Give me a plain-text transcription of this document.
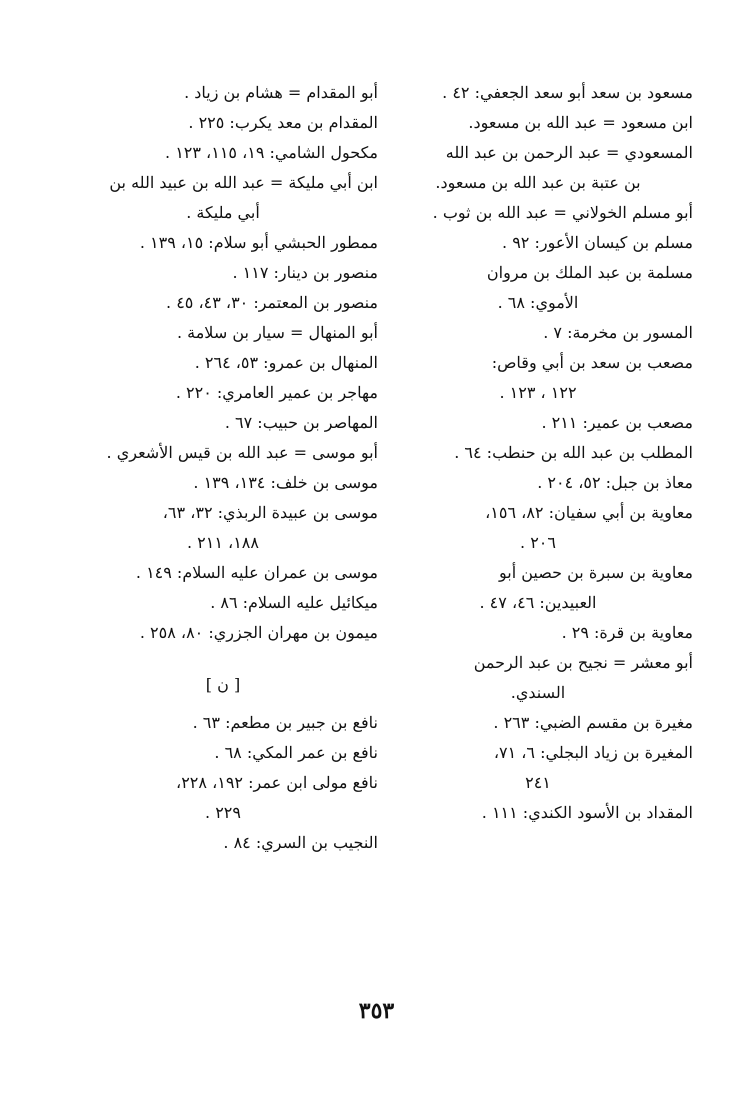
مسعود بن سعد أبو سعد الجعفي: ٤٢ .
ابن مسعود = عبد الله بن مسعود.
المسعودي = عبد الرحمن بن عبد الله
بن عتبة بن عبد الله بن مسعود.
أبو مسلم الخولاني = عبد الله بن ثوب .
مسلم بن كيسان الأعور: ٩٢ .
مسلمة بن عبد الملك بن مروان
الأموي: ٦٨ .
المسور بن مخرمة: ٧ .
مصعب بن سعد بن أبي وقاص:
١٢٢ ، ١٢٣ .
مصعب بن عمير: ٢١١ .
المطلب بن عبد الله بن حنطب: ٦٤ .
معاذ بن جبل: ٥٢، ٢٠٤ .
معاوية بن أبي سفيان: ٨٢، ١٥٦،
٢٠٦ .
معاوية بن سبرة بن حصين أبو
العبيدين: ٤٦، ٤٧ .
معاوية بن قرة: ٢٩ .
أبو معشر = نجيح بن عبد الرحمن
السندي.
مغيرة بن مقسم الضبي: ٢٦٣ .
المغيرة بن زياد البجلي: ٦، ٧١،
٢٤١
المقداد بن الأسود الكندي: ١١١ .
أبو المقدام = هشام بن زياد .
المقدام بن معد يكرب: ٢٢٥ .
مكحول الشامي: ١٩، ١١٥، ١٢٣ .
ابن أبي مليكة = عبد الله بن عبيد الله بن
أبي مليكة .
ممطور الحبشي أبو سلام: ١٥، ١٣٩ .
منصور بن دينار: ١١٧ .
منصور بن المعتمر: ٣٠، ٤٣، ٤٥ .
أبو المنهال = سيار بن سلامة .
المنهال بن عمرو: ٥٣، ٢٦٤ .
مهاجر بن عمير العامري: ٢٢٠ .
المهاصر بن حبيب: ٦٧ .
أبو موسى = عبد الله بن قيس الأشعري .
موسى بن خلف: ١٣٤، ١٣٩ .
موسى بن عبيدة الربذي: ٣٢، ٦٣،
١٨٨، ٢١١ .
موسى بن عمران عليه السلام: ١٤٩ .
ميكائيل عليه السلام: ٨٦ .
ميمون بن مهران الجزري: ٨٠، ٢٥٨ .
[ ن ]
نافع بن جبير بن مطعم: ٦٣ .
نافع بن عمر المكي: ٦٨ .
نافع مولى ابن عمر: ١٩٢، ٢٢٨،
٢٢٩ .
النجيب بن السري: ٨٤ .
٣٥٣
